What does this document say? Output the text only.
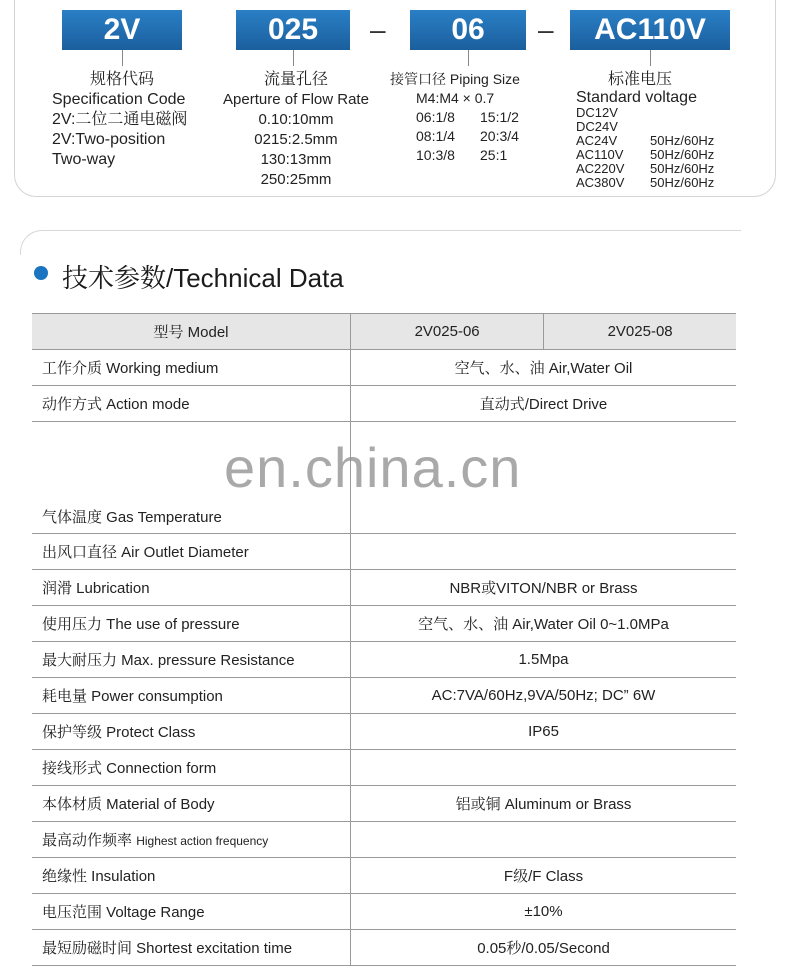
2V	025	–	06	–	AC110V
规格代码
Specification Code
2V:二位二通电磁阀
2V:Two-position
Two-way
流量孔径
Aperture of Flow Rate
0.10:10mm
0215:2.5mm
130:13mm
250:25mm
接管口径 Piping Size
M4:M4 × 0.7
06:1/8 15:1/2
08:1/4 20:3/4
10:3/8 25:1
标准电压
Standard voltage
DC12V
DC24V
AC24V	50Hz/60Hz
AC110V 50Hz/60Hz
AC220V 50Hz/60Hz
AC380V 50Hz/60Hz
技术参数/Technical Data
型号 Model	2V025-06	2V025-08
工作介质 Working medium	空气、水、油 Air,Water Oil	
动作方式 Action mode	直动式/Direct Drive	

气体温度 Gas Temperature		
出风口直径 Air Outlet Diameter		
润滑 Lubrication	NBR或VITON/NBR or Brass	
使用压力 The use of pressure	空气、水、油 Air,Water Oil 0~1.0MPa	
最大耐压力 Max. pressure Resistance	1.5Mpa	
耗电量 Power consumption	AC:7VA/60Hz,9VA/50Hz; DC” 6W	
保护等级 Protect Class	IP65	
接线形式 Connection form		
本体材质 Material of Body	铝或铜 Aluminum or Brass	
最高动作频率 Highest action frequency		
绝缘性 Insulation	F级/F Class	
电压范围 Voltage Range	±10%	
最短励磁时间 Shortest excitation time	0.05秒/0.05/Second	
en.china.cn
